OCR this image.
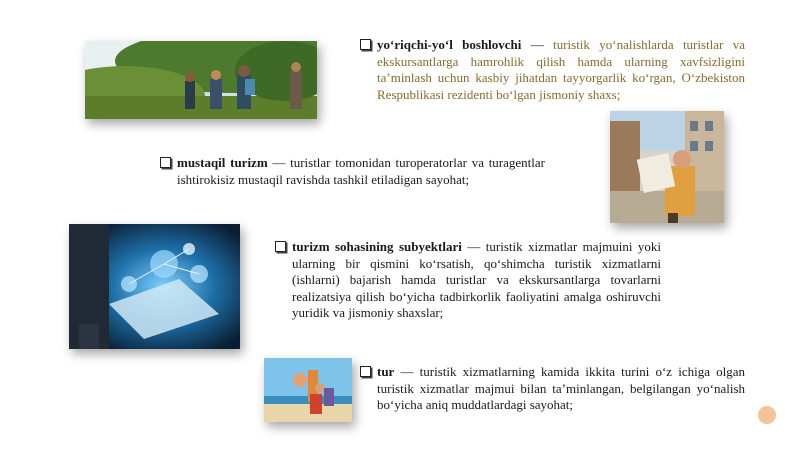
yo‘riqchi-yo‘l boshlovchi — turistik yo‘nalishlarda turistlar va ekskursantlarga hamrohlik qilish hamda ularning xavfsizligini ta’minlash uchun kasbiy jihatdan tayyorgarlik ko‘rgan, O‘zbekiston Respublikasi rezidenti bo‘lgan jismoniy shaxs;
mustaqil turizm — turistlar tomonidan turoperatorlar va turagentlar ishtirokisiz mustaqil ravishda tashkil etiladigan sayohat;
turizm sohasining subyektlari — turistik xizmatlar majmuini yoki ularning bir qismini ko‘rsatish, qo‘shimcha turistik xizmatlarni (ishlarni) bajarish hamda turistlar va ekskursantlarga tovarlarni realizatsiya qilish bo‘yicha tadbirkorlik faoliyatini amalga oshiruvchi yuridik va jismoniy shaxslar;
tur — turistik xizmatlarning kamida ikkita turini o‘z ichiga olgan turistik xizmatlar majmui bilan ta’minlangan, belgilangan yo‘nalish bo‘yicha aniq muddatlardagi sayohat;
